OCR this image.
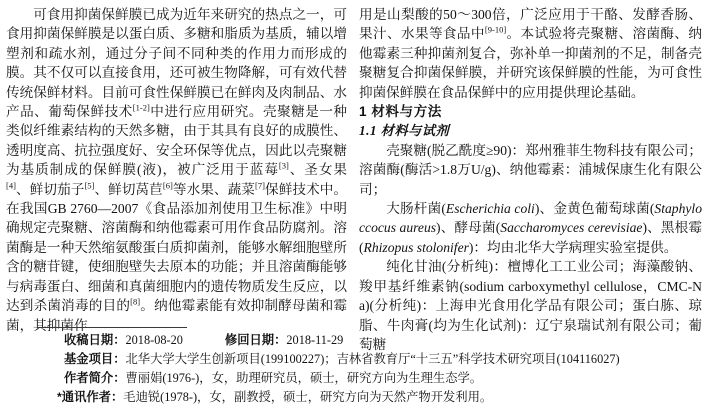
可食用抑菌保鲜膜已成为近年来研究的热点之一，可食用抑菌保鲜膜是以蛋白质、多糖和脂质为基质，辅以增塑剂和疏水剂，通过分子间不同种类的作用力而形成的膜。其不仅可以直接食用，还可被生物降解，可有效代替传统保鲜材料。目前可食性保鲜膜已在鲜肉及肉制品、水产品、葡萄保鲜技术[1-2]中进行应用研究。壳聚糖是一种类似纤维素结构的天然多糖，由于其具有良好的成膜性、透明度高、抗拉强度好、安全环保等优点，因此以壳聚糖为基质制成的保鲜膜(液)，被广泛用于蓝莓[3]、圣女果[4]、鲜切茄子[5]、鲜切莴苣[6]等水果、蔬菜[7]保鲜技术中。在我国GB 2760—2007《食品添加剂使用卫生标准》中明确规定壳聚糖、溶菌酶和纳他霉素可用作食品防腐剂。溶菌酶是一种天然缩氨酸蛋白质抑菌剂，能够水解细胞壁所含的糖苷键，使细胞壁失去原本的功能；并且溶菌酶能够与病毒蛋白、细菌和真菌细胞内的遗传物质发生反应，以达到杀菌消毒的目的[8]。纳他霉素能有效抑制酵母菌和霉菌，其抑菌作
用是山梨酸的50～300倍，广泛应用于干酪、发酵香肠、果汁、水果等食品中[9-10]。本试验将壳聚糖、溶菌酶、纳他霉素三种抑菌剂复合，弥补单一抑菌剂的不足，制备壳聚糖复合抑菌保鲜膜，并研究该保鲜膜的性能，为可食性抑菌保鲜膜在食品保鲜中的应用提供理论基础。
1 材料与方法
1.1 材料与试剂
壳聚糖(脱乙酰度≥90)：郑州雅菲生物科技有限公司；溶菌酶(酶活>1.8万U/g)、纳他霉素：浦城保康生化有限公司；
大肠杆菌(Escherichia coli)、金黄色葡萄球菌(Staphyloccocus aureus)、酵母菌(Saccharomyces cerevisiae)、黑根霉(Rhizopus stolonifer)：均由北华大学病理实验室提供。
纯化甘油(分析纯)：檀博化工工业公司；海藻酸钠、羧甲基纤维素钠(sodium carboxymethyl cellulose，CMC-Na)(分析纯)：上海申光食用化学品有限公司；蛋白胨、琼脂、牛肉膏(均为生化试剂)：辽宁泉瑞试剂有限公司；葡萄糖
收稿日期：2018-08-20	修回日期：2018-11-29
基金项目：北华大学大学生创新项目(199100227)；吉林省教育厅“十三五”科学技术研究项目(104116027)
作者简介：曹丽娟(1976-)，女，助理研究员，硕士，研究方向为生理生态学。
*通讯作者：毛迪锐(1978-)，女，副教授，硕士，研究方向为天然产物开发利用。
